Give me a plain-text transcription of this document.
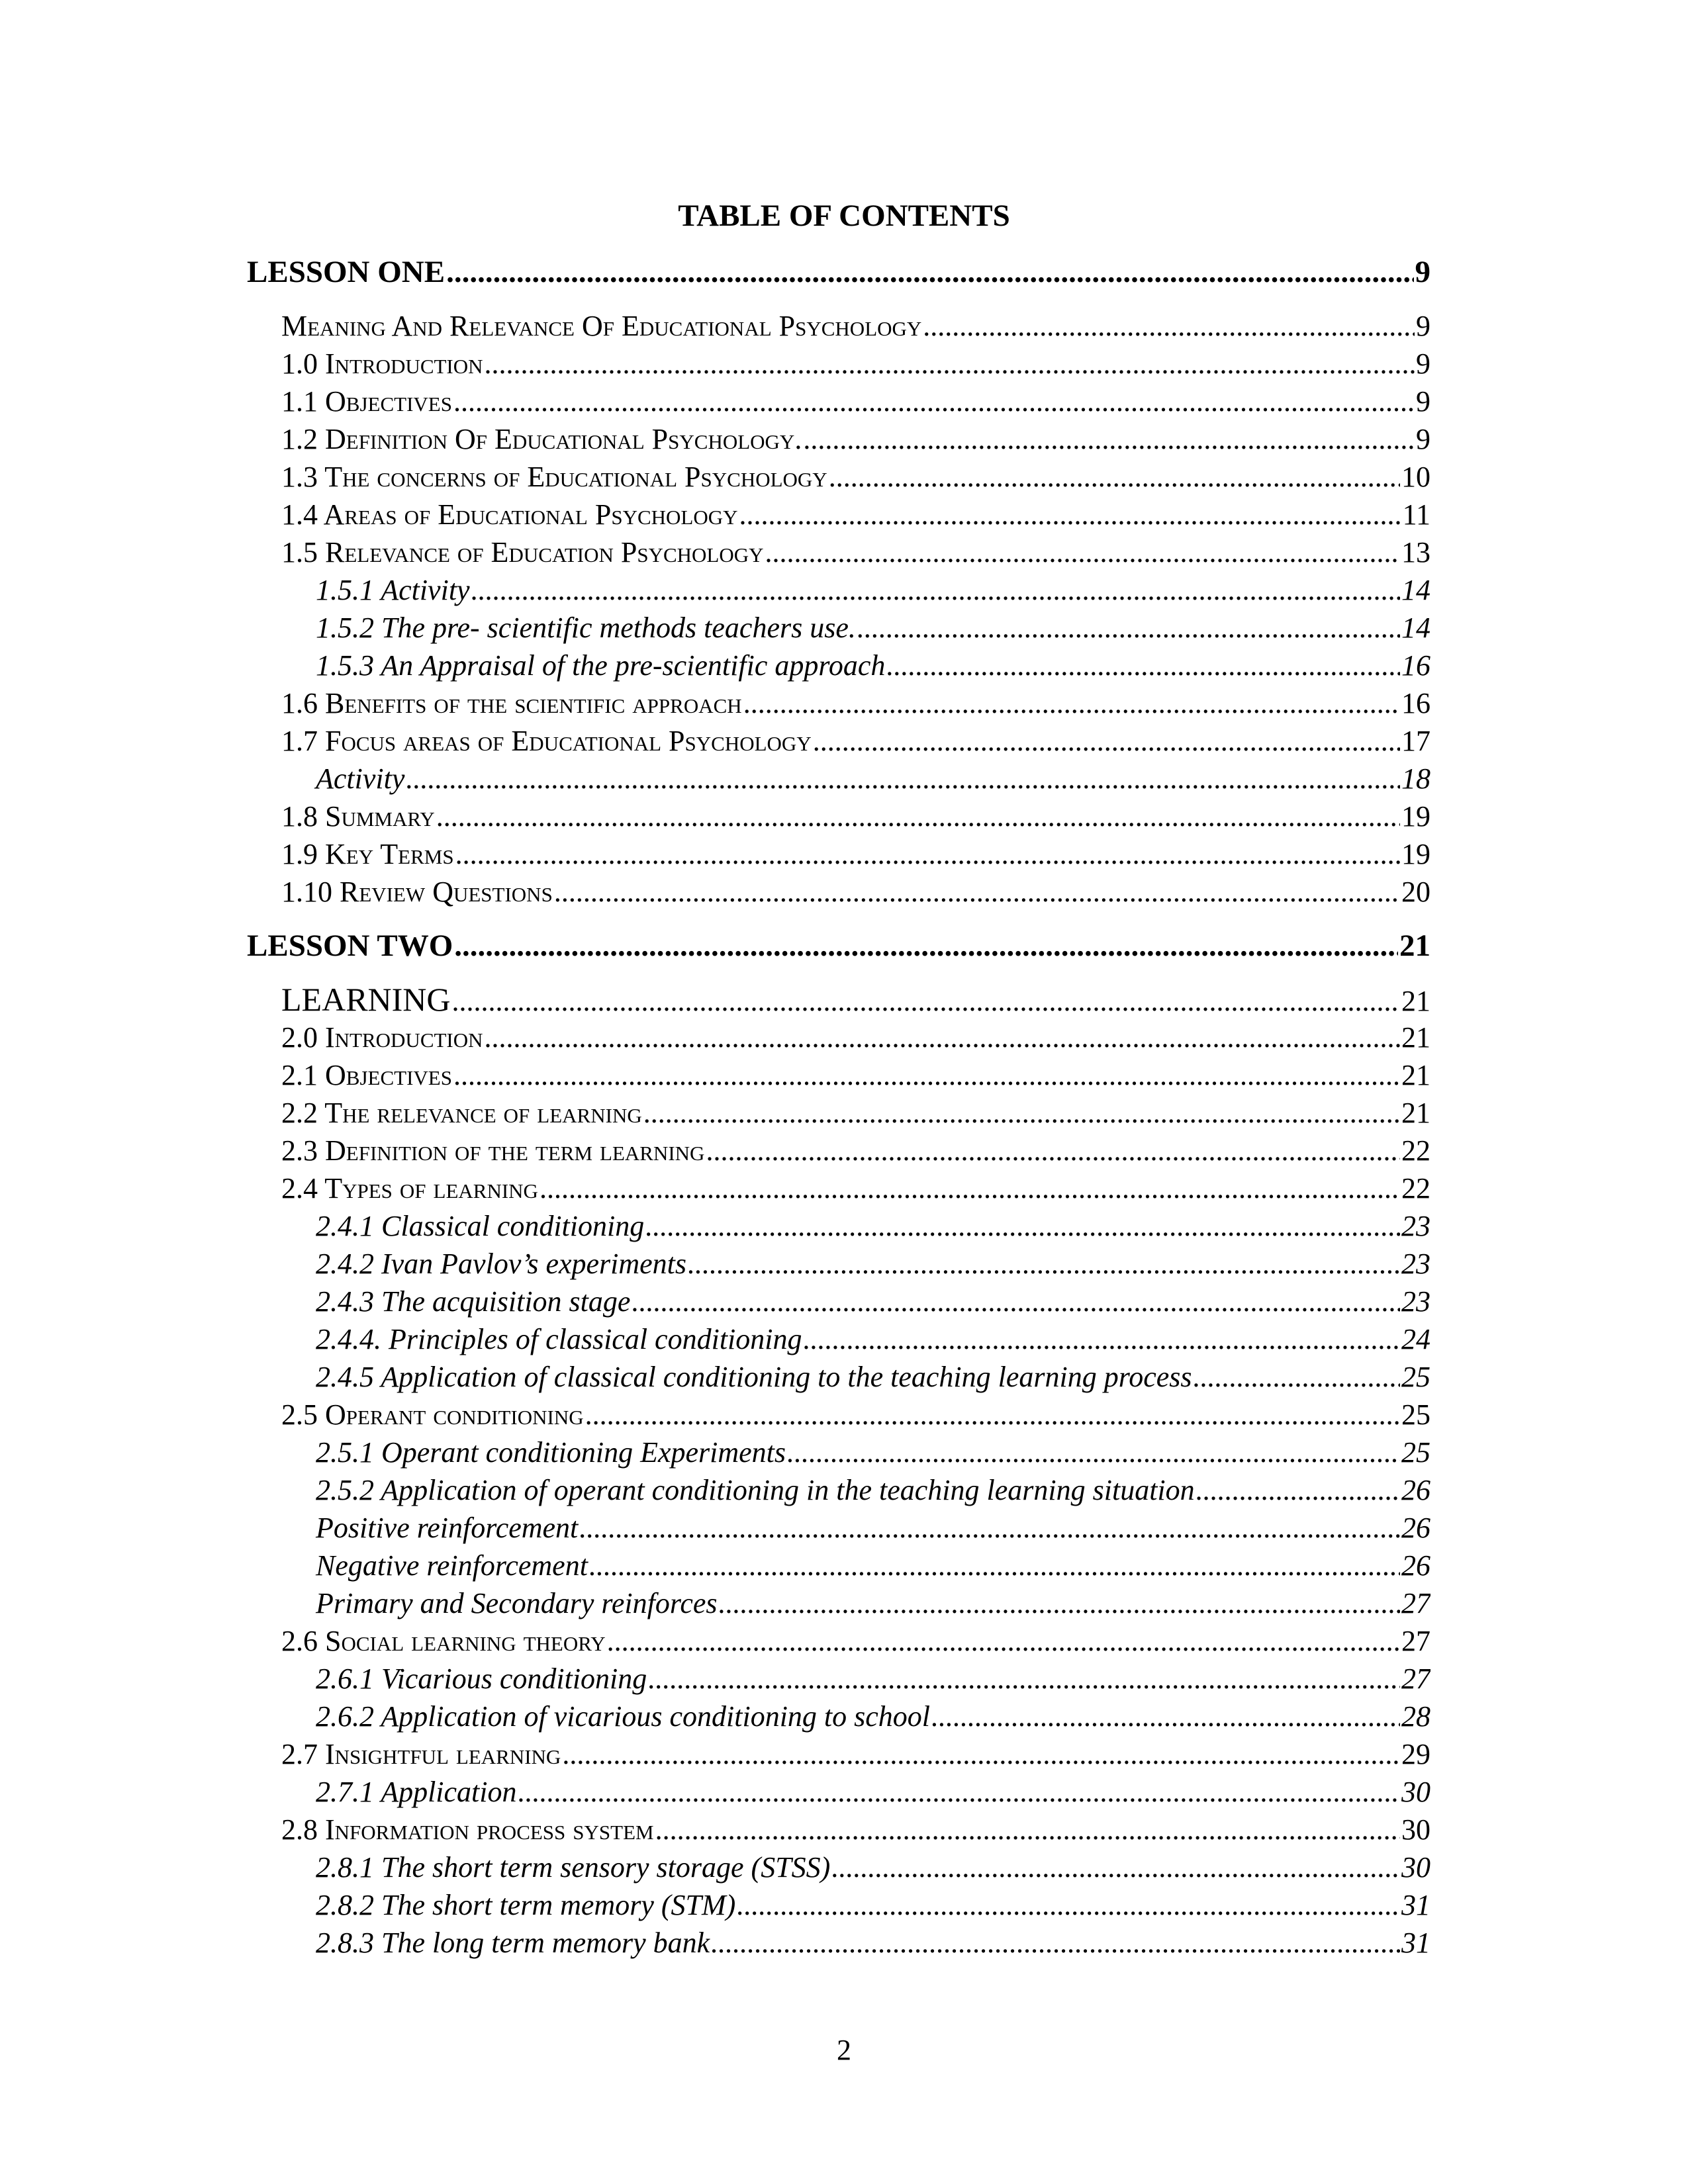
TABLE OF CONTENTS
LESSON ONE .....	9
Meaning And Relevance Of Educational Psychology .....	9
1.0 Introduction .....	9
1.1 Objectives .....	9
1.2 Definition Of Educational Psychology. .....	9
1.3 The concerns of Educational Psychology .....	10
1.4 Areas of Educational Psychology .....	11
1.5 Relevance of Education Psychology .....	13
1.5.1 Activity .....	14
1.5.2 The pre- scientific methods teachers use. .....	14
1.5.3 An Appraisal of the pre-scientific approach .....	16
1.6 Benefits of the scientific approach .....	16
1.7 Focus areas of Educational Psychology .....	17
Activity .....	18
1.8 Summary .....	19
1.9 Key Terms .....	19
1.10 Review Questions .....	20
LESSON TWO .....	21
LEARNING .....	21
2.0 Introduction .....	21
2.1 Objectives .....	21
2.2 The relevance of learning .....	21
2.3 Definition of the term learning .....	22
2.4 Types of learning .....	22
2.4.1 Classical conditioning .....	23
2.4.2 Ivan Pavlov’s experiments .....	23
2.4.3 The acquisition stage .....	23
2.4.4. Principles of classical conditioning .....	24
2.4.5 Application of classical conditioning to the teaching learning process .....	25
2.5 Operant conditioning .....	25
2.5.1 Operant conditioning Experiments .....	25
2.5.2 Application of operant conditioning in the teaching learning situation .....	26
Positive reinforcement .....	26
Negative reinforcement .....	26
Primary and Secondary reinforces .....	27
2.6 Social learning theory .....	27
2.6.1 Vicarious conditioning .....	27
2.6.2 Application of vicarious conditioning to school .....	28
2.7 Insightful learning .....	29
2.7.1 Application .....	30
2.8 Information process system .....	30
2.8.1 The short term sensory storage (STSS) .....	30
2.8.2 The short term memory (STM) .....	31
2.8.3 The long term memory bank .....	31
2
